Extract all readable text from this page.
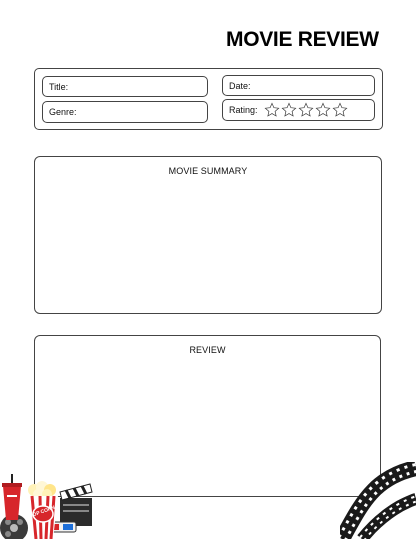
MOVIE REVIEW
Title:
Genre:
Date:
Rating:
MOVIE SUMMARY
REVIEW
POP CORN
